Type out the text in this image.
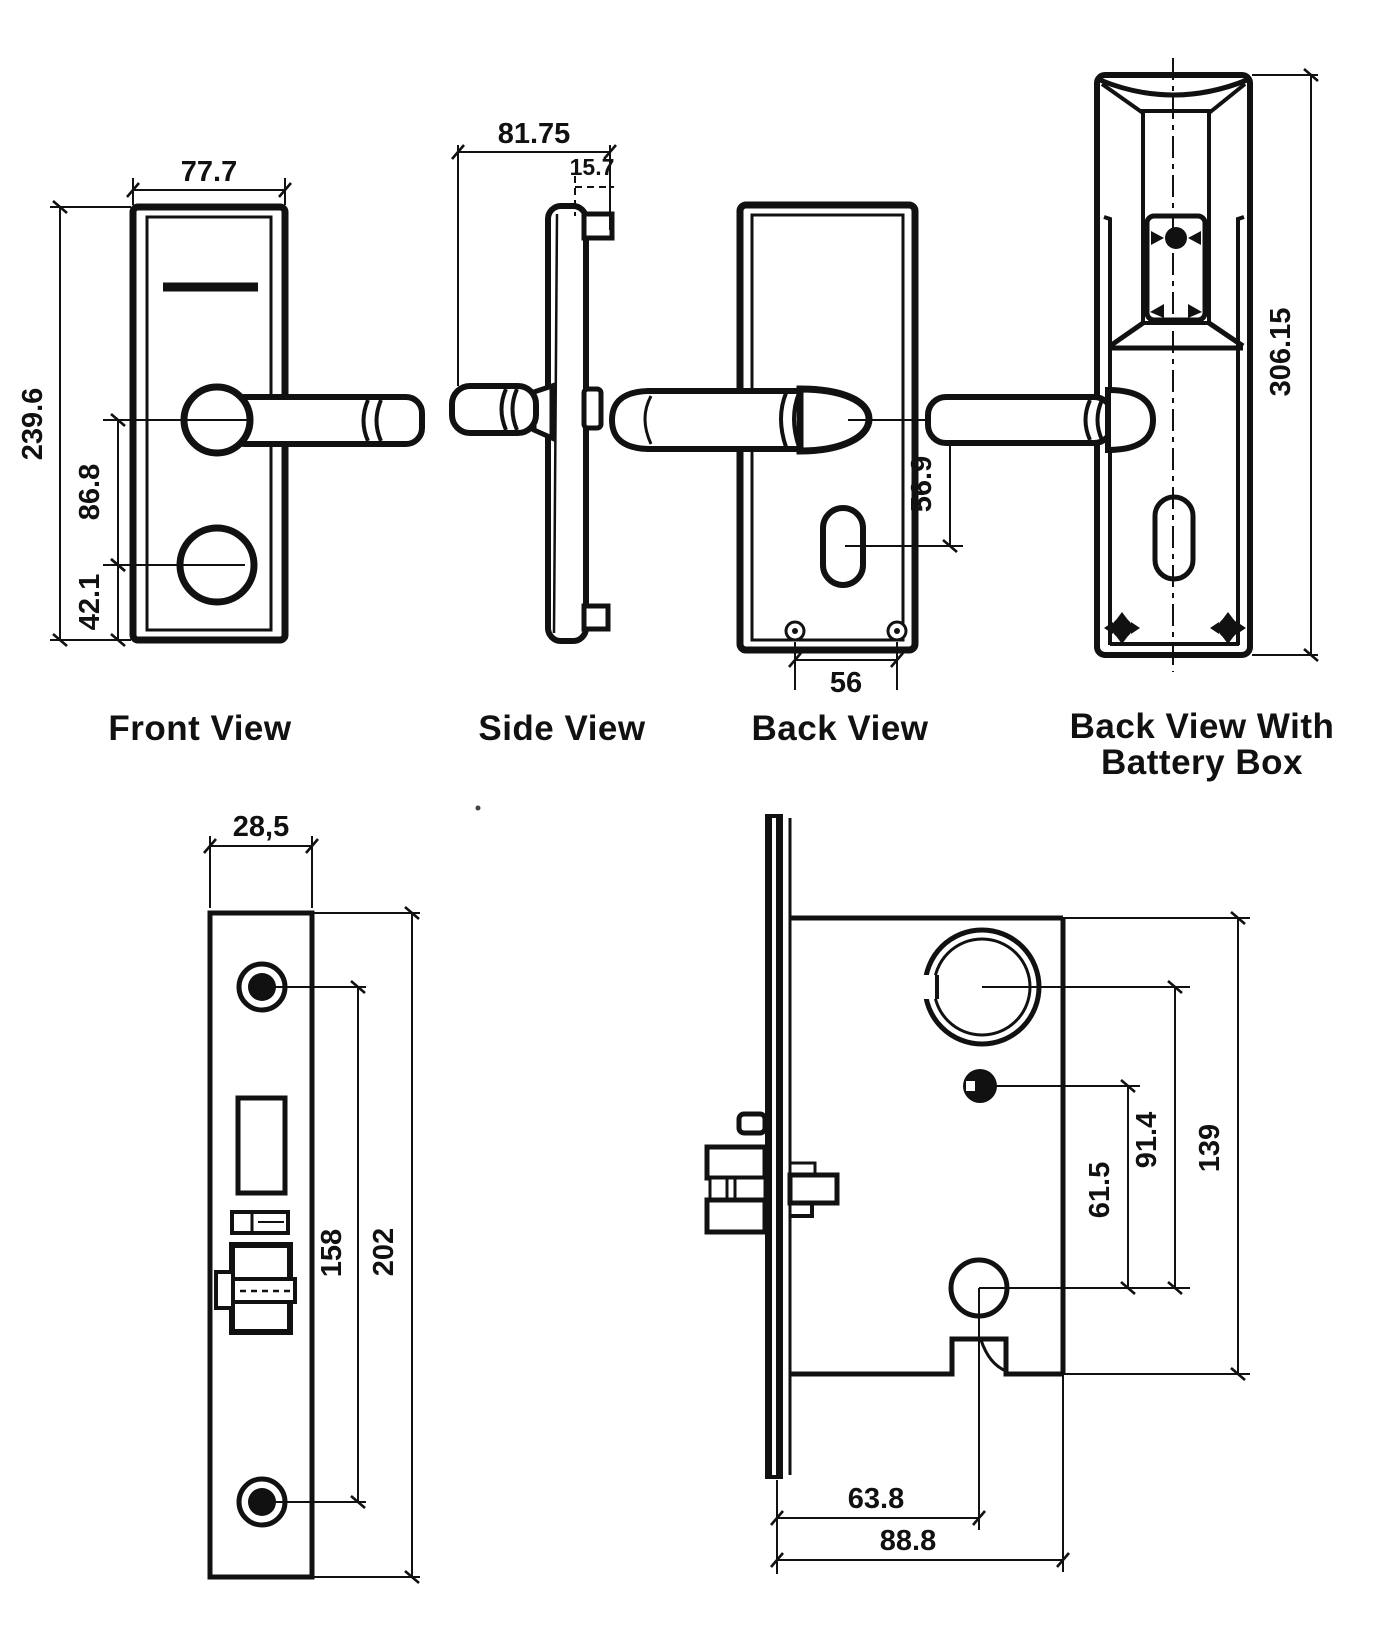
77.7
239.6
86.8
42.1
Front View
81.75
15.7
Side View
56.9
56
Back View
306.15
Back View With
Battery Box
28,5
158 202
61.5
91.4 139
63.8
88.8
